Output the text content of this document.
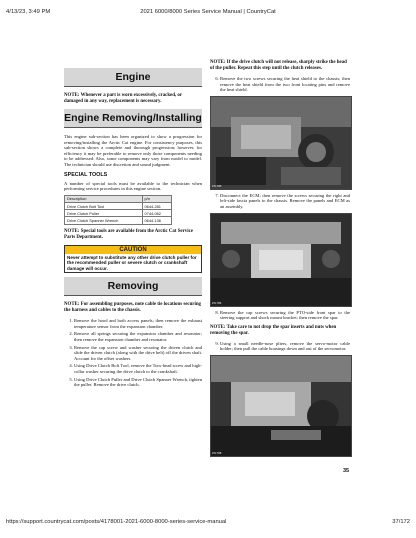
4/13/23, 3:49 PM	2021 6000/8000 Series Service Manual | CountryCat
Engine
NOTE: Whenever a part is worn excessively, cracked, or damaged in any way, replacement is necessary.
Engine Removing/Installing
This engine sub-section has been organized to show a progression for removing/installing the Arctic Cat engine. For consistency purposes, this sub-section shows a complete and thorough progression; however, for efficiency it may be preferable to remove only those components needing to be addressed. Also, some components may vary from model to model. The technician should use discretion and sound judgment.
SPECIAL TOOLS
A number of special tools must be available to the technician when performing service procedures in this engine section.
Description	p/n
Drive Clutch Bolt Tool	0644-281
Drive Clutch Puller	0744-062
Drive Clutch Spanner Wrench	0644-136
NOTE: Special tools are available from the Arctic Cat Service Parts Department.
CAUTION
Never attempt to substitute any other drive clutch puller for the recommended puller or severe clutch or crankshaft damage will occur.
Removing
NOTE: For assembling purposes, note cable tie locations securing the harness and cables to the chassis.
1. Remove the hood and both access panels; then remove the exhaust temperature sensor from the expansion chamber.
2. Remove all springs securing the expansion chamber and resonator; then remove the expansion chamber and resonator.
3. Remove the cap screw and washer securing the driven clutch and slide the driven clutch (along with the drive belt) off the driven shaft. Account for the offset washers.
4. Using Drive Clutch Bolt Tool, remove the Torx-head screw and high-collar washer securing the drive clutch to the crankshaft.
5. Using Drive Clutch Puller and Drive Clutch Spanner Wrench, tighten the puller. Remove the drive clutch.
NOTE: If the drive clutch will not release, sharply strike the head of the puller. Repeat this step until the clutch releases.
6. Remove the two screws securing the heat shield to the chassis; then remove the heat shield from the two front locating pins and remove the heat shield.
ZN-785
7. Disconnect the ECM; then remove the screws securing the right and left-side fascia panels to the chassis. Remove the panels and ECM as an assembly.
ZN-786
8. Remove the cap screws securing the PTO-side front spar to the steering support and shock mount bracket; then remove the spar.
NOTE: Take care to not drop the spar inserts and nuts when removing the spar.
9. Using a small needle-nose pliers, remove the servo-motor cable holder; then pull the cable housings down and out of the servomotor.
ZN-788
35
https://support.countrycat.com/posts/4178001-2021-6000-8000-series-service-manual	37/172
